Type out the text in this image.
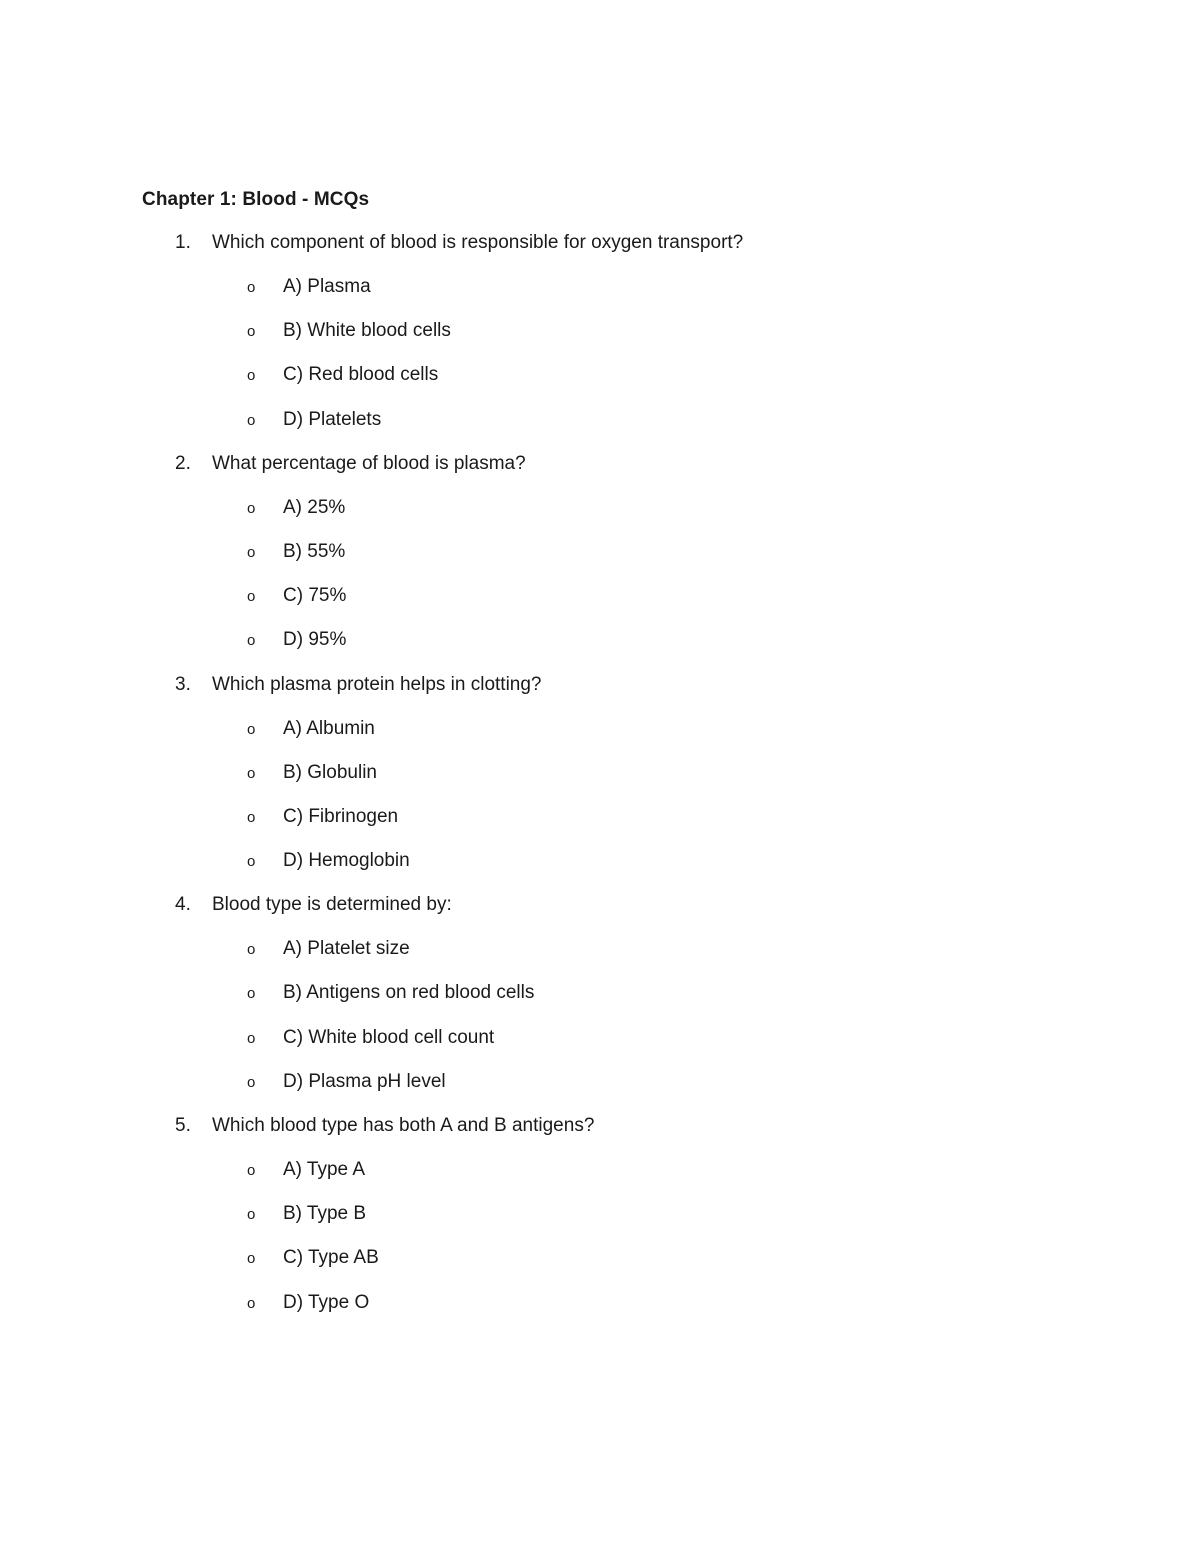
Chapter 1: Blood - MCQs
1. Which component of blood is responsible for oxygen transport?
o A) Plasma
o B) White blood cells
o C) Red blood cells
o D) Platelets
2. What percentage of blood is plasma?
o A) 25%
o B) 55%
o C) 75%
o D) 95%
3. Which plasma protein helps in clotting?
o A) Albumin
o B) Globulin
o C) Fibrinogen
o D) Hemoglobin
4. Blood type is determined by:
o A) Platelet size
o B) Antigens on red blood cells
o C) White blood cell count
o D) Plasma pH level
5. Which blood type has both A and B antigens?
o A) Type A
o B) Type B
o C) Type AB
o D) Type O
